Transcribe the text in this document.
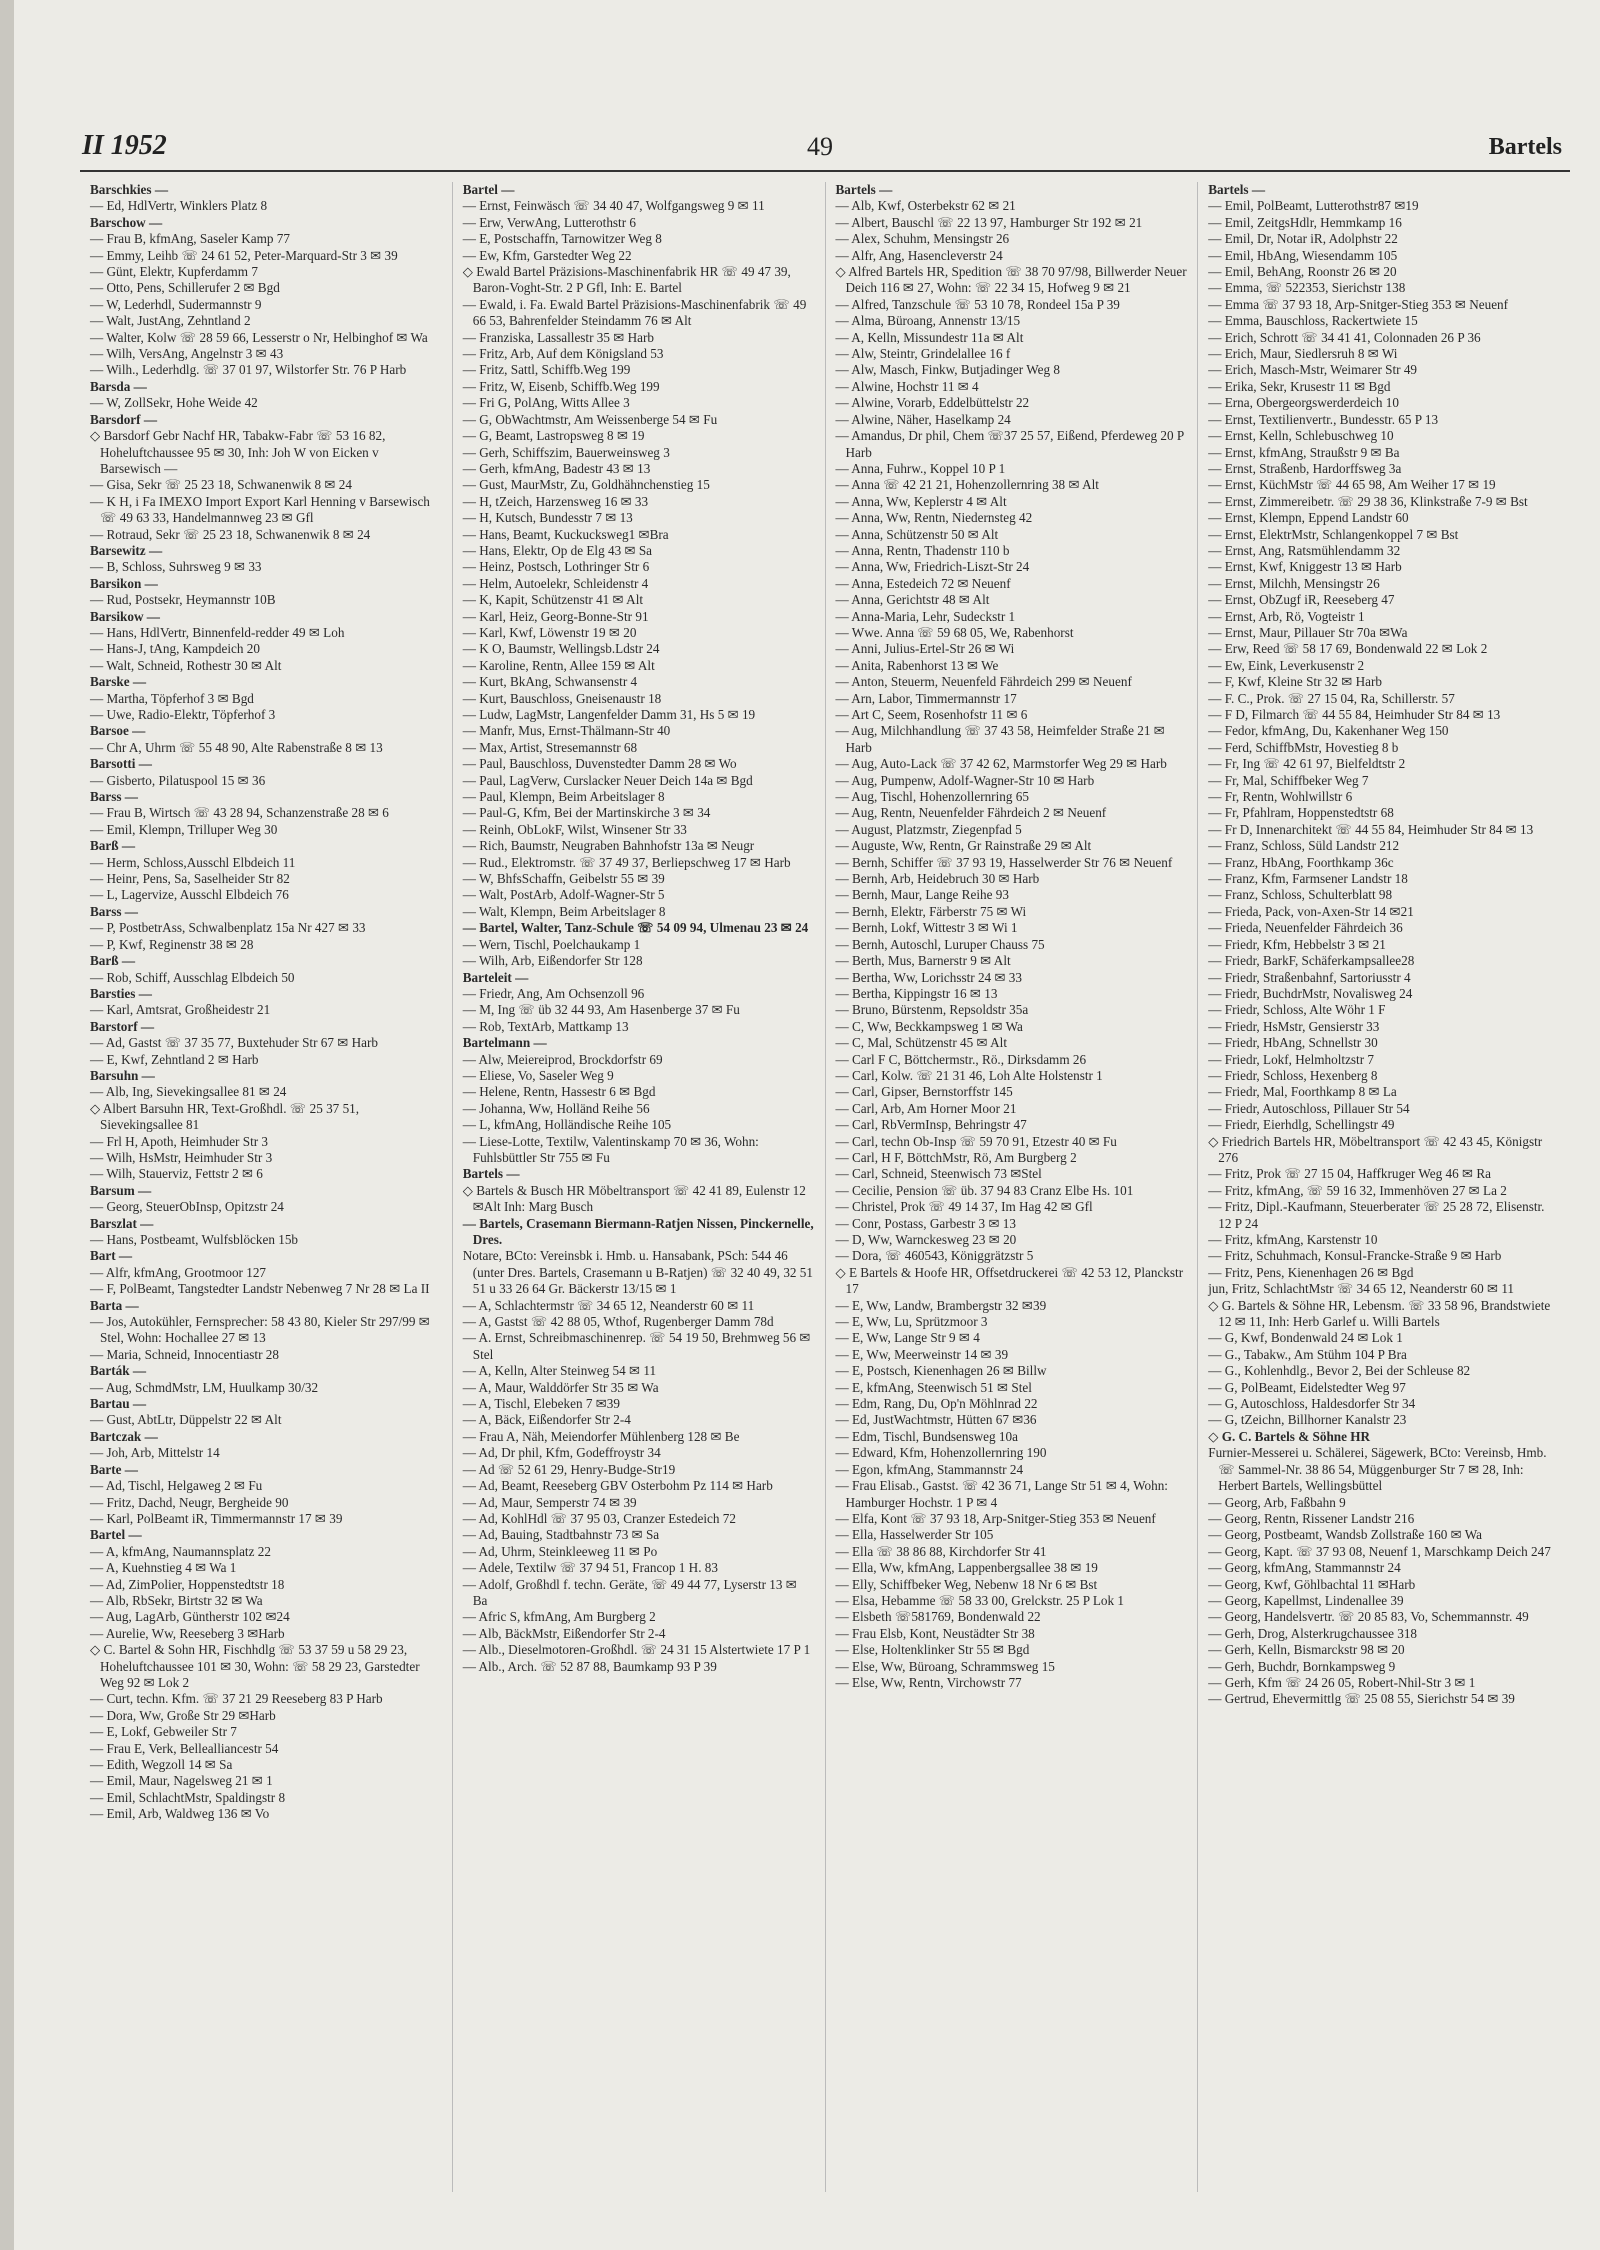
II 1952	49	Bartels
Barschkies —
— Ed, HdlVertr, Winklers Platz 8
Barschow —
— Frau B, kfmAng, Saseler Kamp 77
— Emmy, Leihb ☏ 24 61 52, Peter-Marquard-Str 3 ✉ 39
— Günt, Elektr, Kupferdamm 7
— Otto, Pens, Schillerufer 2 ✉ Bgd
— W, Lederhdl, Sudermannstr 9
— Walt, JustAng, Zehntland 2
— Walter, Kolw ☏ 28 59 66, Lesserstr o Nr, Helbinghof ✉ Wa
— Wilh, VersAng, Angelnstr 3 ✉ 43
— Wilh., Lederhdlg. ☏ 37 01 97, Wilstorfer Str. 76 P Harb
Barsda —
— W, ZollSekr, Hohe Weide 42
Barsdorf —
◇ Barsdorf Gebr Nachf HR, Tabakw-Fabr ☏ 53 16 82, Hoheluftchaussee 95 ✉ 30, Inh: Joh W von Eicken v Barsewisch —
— Gisa, Sekr ☏ 25 23 18, Schwanenwik 8 ✉ 24
— K H, i Fa IMEXO Import Export Karl Henning v Barsewisch ☏ 49 63 33, Handelmannweg 23 ✉ Gfl
— Rotraud, Sekr ☏ 25 23 18, Schwanenwik 8 ✉ 24
Barsewitz —
— B, Schloss, Suhrsweg 9 ✉ 33
Barsikon —
— Rud, Postsekr, Heymannstr 10B
Barsikow —
— Hans, HdlVertr, Binnenfeld-redder 49 ✉ Loh
— Hans-J, tAng, Kampdeich 20
— Walt, Schneid, Rothestr 30 ✉ Alt
Barske —
— Martha, Töpferhof 3 ✉ Bgd
— Uwe, Radio-Elektr, Töpferhof 3
Barsoe —
— Chr A, Uhrm ☏ 55 48 90, Alte Rabenstraße 8 ✉ 13
Barsotti —
— Gisberto, Pilatuspool 15 ✉ 36
Barss —
— Frau B, Wirtsch ☏ 43 28 94, Schanzenstraße 28 ✉ 6
— Emil, Klempn, Trilluper Weg 30
Barß —
— Herm, Schloss,Ausschl Elbdeich 11
— Heinr, Pens, Sa, Saselheider Str 82
— L, Lagervize, Ausschl Elbdeich 76
Barss —
— P, PostbetrAss, Schwalbenplatz 15a Nr 427 ✉ 33
— P, Kwf, Reginenstr 38 ✉ 28
Barß —
— Rob, Schiff, Ausschlag Elbdeich 50
Barsties —
— Karl, Amtsrat, Großheidestr 21
Barstorf —
— Ad, Gastst ☏ 37 35 77, Buxtehuder Str 67 ✉ Harb
— E, Kwf, Zehntland 2 ✉ Harb
Barsuhn —
— Alb, Ing, Sievekingsallee 81 ✉ 24
◇ Albert Barsuhn HR, Text-Großhdl. ☏ 25 37 51, Sievekingsallee 81
— Frl H, Apoth, Heimhuder Str 3
— Wilh, HsMstr, Heimhuder Str 3
— Wilh, Stauerviz, Fettstr 2 ✉ 6
Barsum —
— Georg, SteuerObInsp, Opitzstr 24
Barszlat —
— Hans, Postbeamt, Wulfsblöcken 15b
Bart —
— Alfr, kfmAng, Grootmoor 127
— F, PolBeamt, Tangstedter Landstr Nebenweg 7 Nr 28 ✉ La II
Barta —
— Jos, Autokühler, Fernsprecher: 58 43 80, Kieler Str 297/99 ✉ Stel, Wohn: Hochallee 27 ✉ 13
— Maria, Schneid, Innocentiastr 28
Barták —
— Aug, SchmdMstr, LM, Huulkamp 30/32
Bartau —
— Gust, AbtLtr, Düppelstr 22 ✉ Alt
Bartczak —
— Joh, Arb, Mittelstr 14
Barte —
— Ad, Tischl, Helgaweg 2 ✉ Fu
— Fritz, Dachd, Neugr, Bergheide 90
— Karl, PolBeamt iR, Timmermannstr 17 ✉ 39
Bartel —
— A, kfmAng, Naumannsplatz 22
— A, Kuehnstieg 4 ✉ Wa 1
— Ad, ZimPolier, Hoppenstedtstr 18
— Alb, RbSekr, Birtstr 32 ✉ Wa
— Aug, LagArb, Güntherstr 102 ✉24
— Aurelie, Ww, Reeseberg 3 ✉Harb
◇ C. Bartel & Sohn HR, Fischhdlg ☏ 53 37 59 u 58 29 23, Hoheluftchaussee 101 ✉ 30, Wohn: ☏ 58 29 23, Garstedter Weg 92 ✉ Lok 2
— Curt, techn. Kfm. ☏ 37 21 29 Reeseberg 83 P Harb
— Dora, Ww, Große Str 29 ✉Harb
— E, Lokf, Gebweiler Str 7
— Frau E, Verk, Bellealliancestr 54
— Edith, Wegzoll 14 ✉ Sa
— Emil, Maur, Nagelsweg 21 ✉ 1
— Emil, SchlachtMstr, Spaldingstr 8
— Emil, Arb, Waldweg 136 ✉ Vo
Bartel —
— Ernst, Feinwäsch ☏ 34 40 47, Wolfgangsweg 9 ✉ 11
— Erw, VerwAng, Lutterothstr 6
— E, Postschaffn, Tarnowitzer Weg 8
— Ew, Kfm, Garstedter Weg 22
◇ Ewald Bartel Präzisions-Maschinenfabrik HR ☏ 49 47 39, Baron-Voght-Str. 2 P Gfl, Inh: E. Bartel
— Ewald, i. Fa. Ewald Bartel Präzisions-Maschinenfabrik ☏ 49 66 53, Bahrenfelder Steindamm 76 ✉ Alt
— Franziska, Lassallestr 35 ✉ Harb
— Fritz, Arb, Auf dem Königsland 53
— Fritz, Sattl, Schiffb.Weg 199
— Fritz, W, Eisenb, Schiffb.Weg 199
— Fri G, PolAng, Witts Allee 3
— G, ObWachtmstr, Am Weissenberge 54 ✉ Fu
— G, Beamt, Lastropsweg 8 ✉ 19
— Gerh, Schiffszim, Bauerweinsweg 3
— Gerh, kfmAng, Badestr 43 ✉ 13
— Gust, MaurMstr, Zu, Goldhähnchenstieg 15
— H, tZeich, Harzensweg 16 ✉ 33
— H, Kutsch, Bundesstr 7 ✉ 13
— Hans, Beamt, Kuckucksweg1 ✉Bra
— Hans, Elektr, Op de Elg 43 ✉ Sa
— Heinz, Postsch, Lothringer Str 6
— Helm, Autoelekr, Schleidenstr 4
— K, Kapit, Schützenstr 41 ✉ Alt
— Karl, Heiz, Georg-Bonne-Str 91
— Karl, Kwf, Löwenstr 19 ✉ 20
— K O, Baumstr, Wellingsb.Ldstr 24
— Karoline, Rentn, Allee 159 ✉ Alt
— Kurt, BkAng, Schwansenstr 4
— Kurt, Bauschloss, Gneisenaustr 18
— Ludw, LagMstr, Langenfelder Damm 31, Hs 5 ✉ 19
— Manfr, Mus, Ernst-Thälmann-Str 40
— Max, Artist, Stresemannstr 68
— Paul, Bauschloss, Duvenstedter Damm 28 ✉ Wo
— Paul, LagVerw, Curslacker Neuer Deich 14a ✉ Bgd
— Paul, Klempn, Beim Arbeitslager 8
— Paul-G, Kfm, Bei der Martinskirche 3 ✉ 34
— Reinh, ObLokF, Wilst, Winsener Str 33
— Rich, Baumstr, Neugraben Bahnhofstr 13a ✉ Neugr
— Rud., Elektromstr. ☏ 37 49 37, Berliepschweg 17 ✉ Harb
— W, BhfsSchaffn, Geibelstr 55 ✉ 39
— Walt, PostArb, Adolf-Wagner-Str 5
— Walt, Klempn, Beim Arbeitslager 8
— Bartel, Walter, Tanz-Schule ☏ 54 09 94, Ulmenau 23 ✉ 24
— Wern, Tischl, Poelchaukamp 1
— Wilh, Arb, Eißendorfer Str 128
Barteleit —
— Friedr, Ang, Am Ochsenzoll 96
— M, Ing ☏ üb 32 44 93, Am Hasenberge 37 ✉ Fu
— Rob, TextArb, Mattkamp 13
Bartelmann —
— Alw, Meiereiprod, Brockdorfstr 69
— Eliese, Vo, Saseler Weg 9
— Helene, Rentn, Hassestr 6 ✉ Bgd
— Johanna, Ww, Holländ Reihe 56
— L, kfmAng, Holländische Reihe 105
— Liese-Lotte, Textilw, Valentinskamp 70 ✉ 36, Wohn: Fuhlsbüttler Str 755 ✉ Fu
Bartels —
◇ Bartels & Busch HR Möbeltransport ☏ 42 41 89, Eulenstr 12 ✉Alt Inh: Marg Busch
— Bartels, Crasemann Biermann-Ratjen Nissen, Pinckernelle, Dres.
Notare, BCto: Vereinsbk i. Hmb. u. Hansabank, PSch: 544 46 (unter Dres. Bartels, Crasemann u B-Ratjen) ☏ 32 40 49, 32 51 51 u 33 26 64 Gr. Bäckerstr 13/15 ✉ 1
— A, Schlachtermstr ☏ 34 65 12, Neanderstr 60 ✉ 11
— A, Gastst ☏ 42 88 05, Wthof, Rugenberger Damm 78d
— A. Ernst, Schreibmaschinenrep. ☏ 54 19 50, Brehmweg 56 ✉ Stel
— A, Kelln, Alter Steinweg 54 ✉ 11
— A, Maur, Walddörfer Str 35 ✉ Wa
— A, Tischl, Elebeken 7 ✉39
— A, Bäck, Eißendorfer Str 2-4
— Frau A, Näh, Meiendorfer Mühlenberg 128 ✉ Be
— Ad, Dr phil, Kfm, Godeffroystr 34
— Ad ☏ 52 61 29, Henry-Budge-Str19
— Ad, Beamt, Reeseberg GBV Osterbohm Pz 114 ✉ Harb
— Ad, Maur, Semperstr 74 ✉ 39
— Ad, KohlHdl ☏ 37 95 03, Cranzer Estedeich 72
— Ad, Bauing, Stadtbahnstr 73 ✉ Sa
— Ad, Uhrm, Steinkleeweg 11 ✉ Po
— Adele, Textilw ☏ 37 94 51, Francop 1 H. 83
— Adolf, Großhdl f. techn. Geräte, ☏ 49 44 77, Lyserstr 13 ✉ Ba
— Afric S, kfmAng, Am Burgberg 2
— Alb, BäckMstr, Eißendorfer Str 2-4
— Alb., Dieselmotoren-Großhdl. ☏ 24 31 15 Alstertwiete 17 P 1
— Alb., Arch. ☏ 52 87 88, Baumkamp 93 P 39
Bartels —
— Alb, Kwf, Osterbekstr 62 ✉ 21
— Albert, Bauschl ☏ 22 13 97, Hamburger Str 192 ✉ 21
— Alex, Schuhm, Mensingstr 26
— Alfr, Ang, Hasencleverstr 24
◇ Alfred Bartels HR, Spedition ☏ 38 70 97/98, Billwerder Neuer Deich 116 ✉ 27, Wohn: ☏ 22 34 15, Hofweg 9 ✉ 21
— Alfred, Tanzschule ☏ 53 10 78, Rondeel 15a P 39
— Alma, Büroang, Annenstr 13/15
— A, Kelln, Missundestr 11a ✉ Alt
— Alw, Steintr, Grindelallee 16 f
— Alw, Masch, Finkw, Butjadinger Weg 8
— Alwine, Hochstr 11 ✉ 4
— Alwine, Vorarb, Eddelbüttelstr 22
— Alwine, Näher, Haselkamp 24
— Amandus, Dr phil, Chem ☏37 25 57, Eißend, Pferdeweg 20 P Harb
— Anna, Fuhrw., Koppel 10 P 1
— Anna ☏ 42 21 21, Hohenzollernring 38 ✉ Alt
— Anna, Ww, Keplerstr 4 ✉ Alt
— Anna, Ww, Rentn, Niedernsteg 42
— Anna, Schützenstr 50 ✉ Alt
— Anna, Rentn, Thadenstr 110 b
— Anna, Ww, Friedrich-Liszt-Str 24
— Anna, Estedeich 72 ✉ Neuenf
— Anna, Gerichtstr 48 ✉ Alt
— Anna-Maria, Lehr, Sudeckstr 1
— Wwe. Anna ☏ 59 68 05, We, Rabenhorst
— Anni, Julius-Ertel-Str 26 ✉ Wi
— Anita, Rabenhorst 13 ✉ We
— Anton, Steuerm, Neuenfeld Fährdeich 299 ✉ Neuenf
— Arn, Labor, Timmermannstr 17
— Art C, Seem, Rosenhofstr 11 ✉ 6
— Aug, Milchhandlung ☏ 37 43 58, Heimfelder Straße 21 ✉ Harb
— Aug, Auto-Lack ☏ 37 42 62, Marmstorfer Weg 29 ✉ Harb
— Aug, Pumpenw, Adolf-Wagner-Str 10 ✉ Harb
— Aug, Tischl, Hohenzollernring 65
— Aug, Rentn, Neuenfelder Fährdeich 2 ✉ Neuenf
— August, Platzmstr, Ziegenpfad 5
— Auguste, Ww, Rentn, Gr Rainstraße 29 ✉ Alt
— Bernh, Schiffer ☏ 37 93 19, Hasselwerder Str 76 ✉ Neuenf
— Bernh, Arb, Heidebruch 30 ✉ Harb
— Bernh, Maur, Lange Reihe 93
— Bernh, Elektr, Färberstr 75 ✉ Wi
— Bernh, Lokf, Wittestr 3 ✉ Wi 1
— Bernh, Autoschl, Luruper Chauss 75
— Berth, Mus, Barnerstr 9 ✉ Alt
— Bertha, Ww, Lorichsstr 24 ✉ 33
— Bertha, Kippingstr 16 ✉ 13
— Bruno, Bürstenm, Repsoldstr 35a
— C, Ww, Beckkampsweg 1 ✉ Wa
— C, Mal, Schützenstr 45 ✉ Alt
— Carl F C, Böttchermstr., Rö., Dirksdamm 26
— Carl, Kolw. ☏ 21 31 46, Loh Alte Holstenstr 1
— Carl, Gipser, Bernstorffstr 145
— Carl, Arb, Am Horner Moor 21
— Carl, RbVermInsp, Behringstr 47
— Carl, techn Ob-Insp ☏ 59 70 91, Etzestr 40 ✉ Fu
— Carl, H F, BöttchMstr, Rö, Am Burgberg 2
— Carl, Schneid, Steenwisch 73 ✉Stel
— Cecilie, Pension ☏ üb. 37 94 83 Cranz Elbe Hs. 101
— Christel, Prok ☏ 49 14 37, Im Hag 42 ✉ Gfl
— Conr, Postass, Garbestr 3 ✉ 13
— D, Ww, Warnckesweg 23 ✉ 20
— Dora, ☏ 460543, Königgrätzstr 5
◇ E Bartels & Hoofe HR, Offsetdruckerei ☏ 42 53 12, Planckstr 17
— E, Ww, Landw, Brambergstr 32 ✉39
— E, Ww, Lu, Sprützmoor 3
— E, Ww, Lange Str 9 ✉ 4
— E, Ww, Meerweinstr 14 ✉ 39
— E, Postsch, Kienenhagen 26 ✉ Billw
— E, kfmAng, Steenwisch 51 ✉ Stel
— Edm, Rang, Du, Op'n Möhlnrad 22
— Ed, JustWachtmstr, Hütten 67 ✉36
— Edm, Tischl, Bundsensweg 10a
— Edward, Kfm, Hohenzollernring 190
— Egon, kfmAng, Stammannstr 24
— Frau Elisab., Gastst. ☏ 42 36 71, Lange Str 51 ✉ 4, Wohn: Hamburger Hochstr. 1 P ✉ 4
— Elfa, Kont ☏ 37 93 18, Arp-Snitger-Stieg 353 ✉ Neuenf
— Ella, Hasselwerder Str 105
— Ella ☏ 38 86 88, Kirchdorfer Str 41
— Ella, Ww, kfmAng, Lappenbergsallee 38 ✉ 19
— Elly, Schiffbeker Weg, Nebenw 18 Nr 6 ✉ Bst
— Elsa, Hebamme ☏ 58 33 00, Grelckstr. 25 P Lok 1
— Elsbeth ☏581769, Bondenwald 22
— Frau Elsb, Kont, Neustädter Str 38
— Else, Holtenklinker Str 55 ✉ Bgd
— Else, Ww, Büroang, Schrammsweg 15
— Else, Ww, Rentn, Virchowstr 77
Bartels —
— Emil, PolBeamt, Lutterothstr87 ✉19
— Emil, ZeitgsHdlr, Hemmkamp 16
— Emil, Dr, Notar iR, Adolphstr 22
— Emil, HbAng, Wiesendamm 105
— Emil, BehAng, Roonstr 26 ✉ 20
— Emma, ☏ 522353, Sierichstr 138
— Emma ☏ 37 93 18, Arp-Snitger-Stieg 353 ✉ Neuenf
— Emma, Bauschloss, Rackertwiete 15
— Erich, Schrott ☏ 34 41 41, Colonnaden 26 P 36
— Erich, Maur, Siedlersruh 8 ✉ Wi
— Erich, Masch-Mstr, Weimarer Str 49
— Erika, Sekr, Krusestr 11 ✉ Bgd
— Erna, Obergeorgswerderdeich 10
— Ernst, Textilienvertr., Bundesstr. 65 P 13
— Ernst, Kelln, Schlebuschweg 10
— Ernst, kfmAng, Straußstr 9 ✉ Ba
— Ernst, Straßenb, Hardorffsweg 3a
— Ernst, KüchMstr ☏ 44 65 98, Am Weiher 17 ✉ 19
— Ernst, Zimmereibetr. ☏ 29 38 36, Klinkstraße 7-9 ✉ Bst
— Ernst, Klempn, Eppend Landstr 60
— Ernst, ElektrMstr, Schlangenkoppel 7 ✉ Bst
— Ernst, Ang, Ratsmühlendamm 32
— Ernst, Kwf, Kniggestr 13 ✉ Harb
— Ernst, Milchh, Mensingstr 26
— Ernst, ObZugf iR, Reeseberg 47
— Ernst, Arb, Rö, Vogteistr 1
— Ernst, Maur, Pillauer Str 70a ✉Wa
— Erw, Reed ☏ 58 17 69, Bondenwald 22 ✉ Lok 2
— Ew, Eink, Leverkusenstr 2
— F, Kwf, Kleine Str 32 ✉ Harb
— F. C., Prok. ☏ 27 15 04, Ra, Schillerstr. 57
— F D, Filmarch ☏ 44 55 84, Heimhuder Str 84 ✉ 13
— Fedor, kfmAng, Du, Kakenhaner Weg 150
— Ferd, SchiffbMstr, Hovestieg 8 b
— Fr, Ing ☏ 42 61 97, Bielfeldtstr 2
— Fr, Mal, Schiffbeker Weg 7
— Fr, Rentn, Wohlwillstr 6
— Fr, Pfahlram, Hoppenstedtstr 68
— Fr D, Innenarchitekt ☏ 44 55 84, Heimhuder Str 84 ✉ 13
— Franz, Schloss, Süld Landstr 212
— Franz, HbAng, Foorthkamp 36c
— Franz, Kfm, Farmsener Landstr 18
— Franz, Schloss, Schulterblatt 98
— Frieda, Pack, von-Axen-Str 14 ✉21
— Frieda, Neuenfelder Fährdeich 36
— Friedr, Kfm, Hebbelstr 3 ✉ 21
— Friedr, BarkF, Schäferkampsallee28
— Friedr, Straßenbahnf, Sartoriusstr 4
— Friedr, BuchdrMstr, Novalisweg 24
— Friedr, Schloss, Alte Wöhr 1 F
— Friedr, HsMstr, Gensierstr 33
— Friedr, HbAng, Schnellstr 30
— Friedr, Lokf, Helmholtzstr 7
— Friedr, Schloss, Hexenberg 8
— Friedr, Mal, Foorthkamp 8 ✉ La
— Friedr, Autoschloss, Pillauer Str 54
— Friedr, Eierhdlg, Schellingstr 49
◇ Friedrich Bartels HR, Möbeltransport ☏ 42 43 45, Königstr 276
— Fritz, Prok ☏ 27 15 04, Haffkruger Weg 46 ✉ Ra
— Fritz, kfmAng, ☏ 59 16 32, Immenhöven 27 ✉ La 2
— Fritz, Dipl.-Kaufmann, Steuerberater ☏ 25 28 72, Elisenstr. 12 P 24
— Fritz, kfmAng, Karstenstr 10
— Fritz, Schuhmach, Konsul-Francke-Straße 9 ✉ Harb
— Fritz, Pens, Kienenhagen 26 ✉ Bgd
jun, Fritz, SchlachtMstr ☏ 34 65 12, Neanderstr 60 ✉ 11
◇ G. Bartels & Söhne HR, Lebensm. ☏ 33 58 96, Brandstwiete 12 ✉ 11, Inh: Herb Garlef u. Willi Bartels
— G, Kwf, Bondenwald 24 ✉ Lok 1
— G., Tabakw., Am Stühm 104 P Bra
— G., Kohlenhdlg., Bevor 2, Bei der Schleuse 82
— G, PolBeamt, Eidelstedter Weg 97
— G, Autoschloss, Haldesdorfer Str 34
— G, tZeichn, Billhorner Kanalstr 23
◇ G. C. Bartels & Söhne HR
Furnier-Messerei u. Schälerei, Sägewerk, BCto: Vereinsb, Hmb. ☏ Sammel-Nr. 38 86 54, Müggenburger Str 7 ✉ 28, Inh: Herbert Bartels, Wellingsbüttel
— Georg, Arb, Faßbahn 9
— Georg, Rentn, Rissener Landstr 216
— Georg, Postbeamt, Wandsb Zollstraße 160 ✉ Wa
— Georg, Kapt. ☏ 37 93 08, Neuenf 1, Marschkamp Deich 247
— Georg, kfmAng, Stammannstr 24
— Georg, Kwf, Göhlbachtal 11 ✉Harb
— Georg, Kapellmst, Lindenallee 39
— Georg, Handelsvertr. ☏ 20 85 83, Vo, Schemmannstr. 49
— Gerh, Drog, Alsterkrugchaussee 318
— Gerh, Kelln, Bismarckstr 98 ✉ 20
— Gerh, Buchdr, Bornkampsweg 9
— Gerh, Kfm ☏ 24 26 05, Robert-Nhil-Str 3 ✉ 1
— Gertrud, Ehevermittlg ☏ 25 08 55, Sierichstr 54 ✉ 39
